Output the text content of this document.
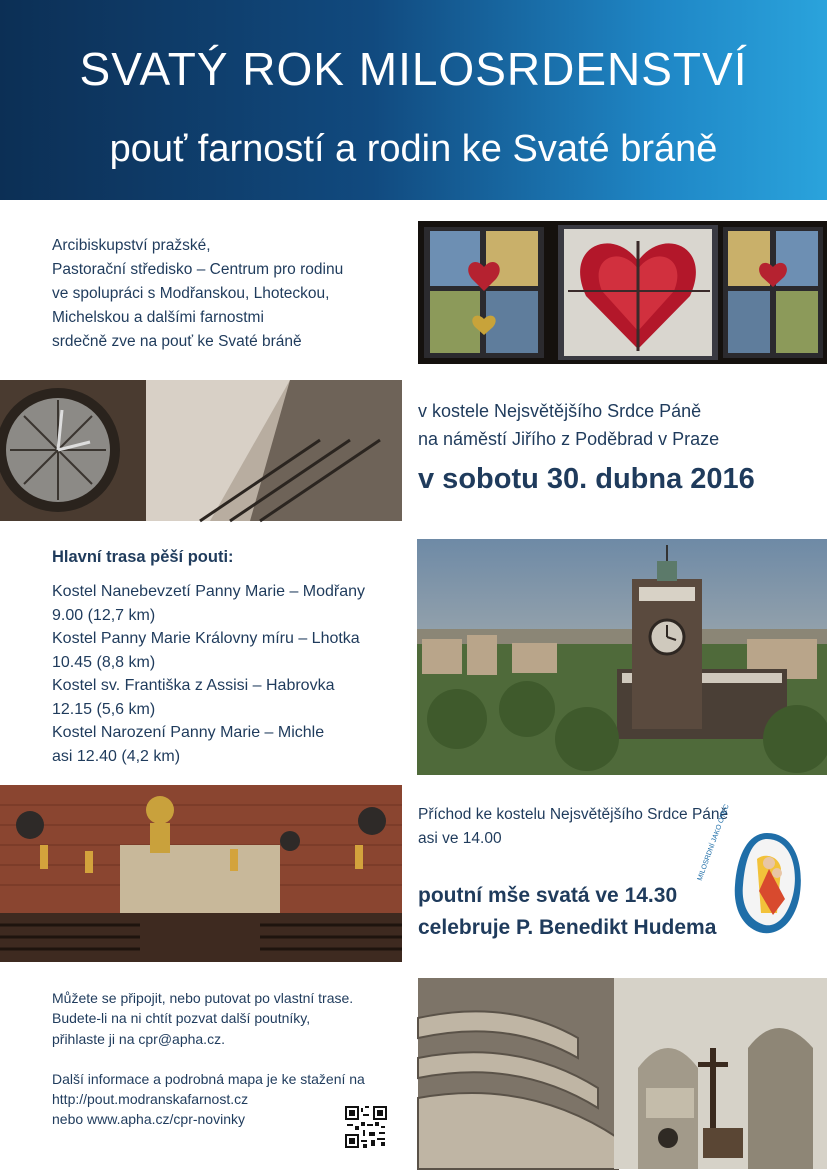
SVATÝ ROK MILOSRDENSTVÍ
pouť farností a rodin ke Svaté bráně
Arcibiskupství pražské,
Pastorační středisko – Centrum pro rodinu
ve spolupráci s Modřanskou, Lhoteckou,
Michelskou a dalšími farnostmi
srdečně zve na pouť ke Svaté bráně
v kostele Nejsvětějšího Srdce Páně
na náměstí Jiřího z Poděbrad v Praze
v sobotu 30. dubna 2016
Hlavní trasa pěší pouti:
Kostel Nanebevzetí Panny Marie – Modřany
9.00 (12,7 km)
Kostel Panny Marie Královny míru – Lhotka
10.45 (8,8 km)
Kostel sv. Františka z Assisi – Habrovka
12.15 (5,6 km)
Kostel Narození Panny Marie – Michle
asi 12.40 (4,2 km)
Příchod ke kostelu Nejsvětějšího Srdce Páně
asi ve 14.00	MILOSRDNÍ JAKO OTEC
poutní mše svatá ve 14.30
celebruje P. Benedikt Hudema
Můžete se připojit, nebo putovat po vlastní trase.
Budete-li na ni chtít pozvat další poutníky,
přihlaste ji na cpr@apha.cz.
Další informace a podrobná mapa je ke stažení na
http://pout.modranskafarnost.cz
nebo www.apha.cz/cpr-novinky
